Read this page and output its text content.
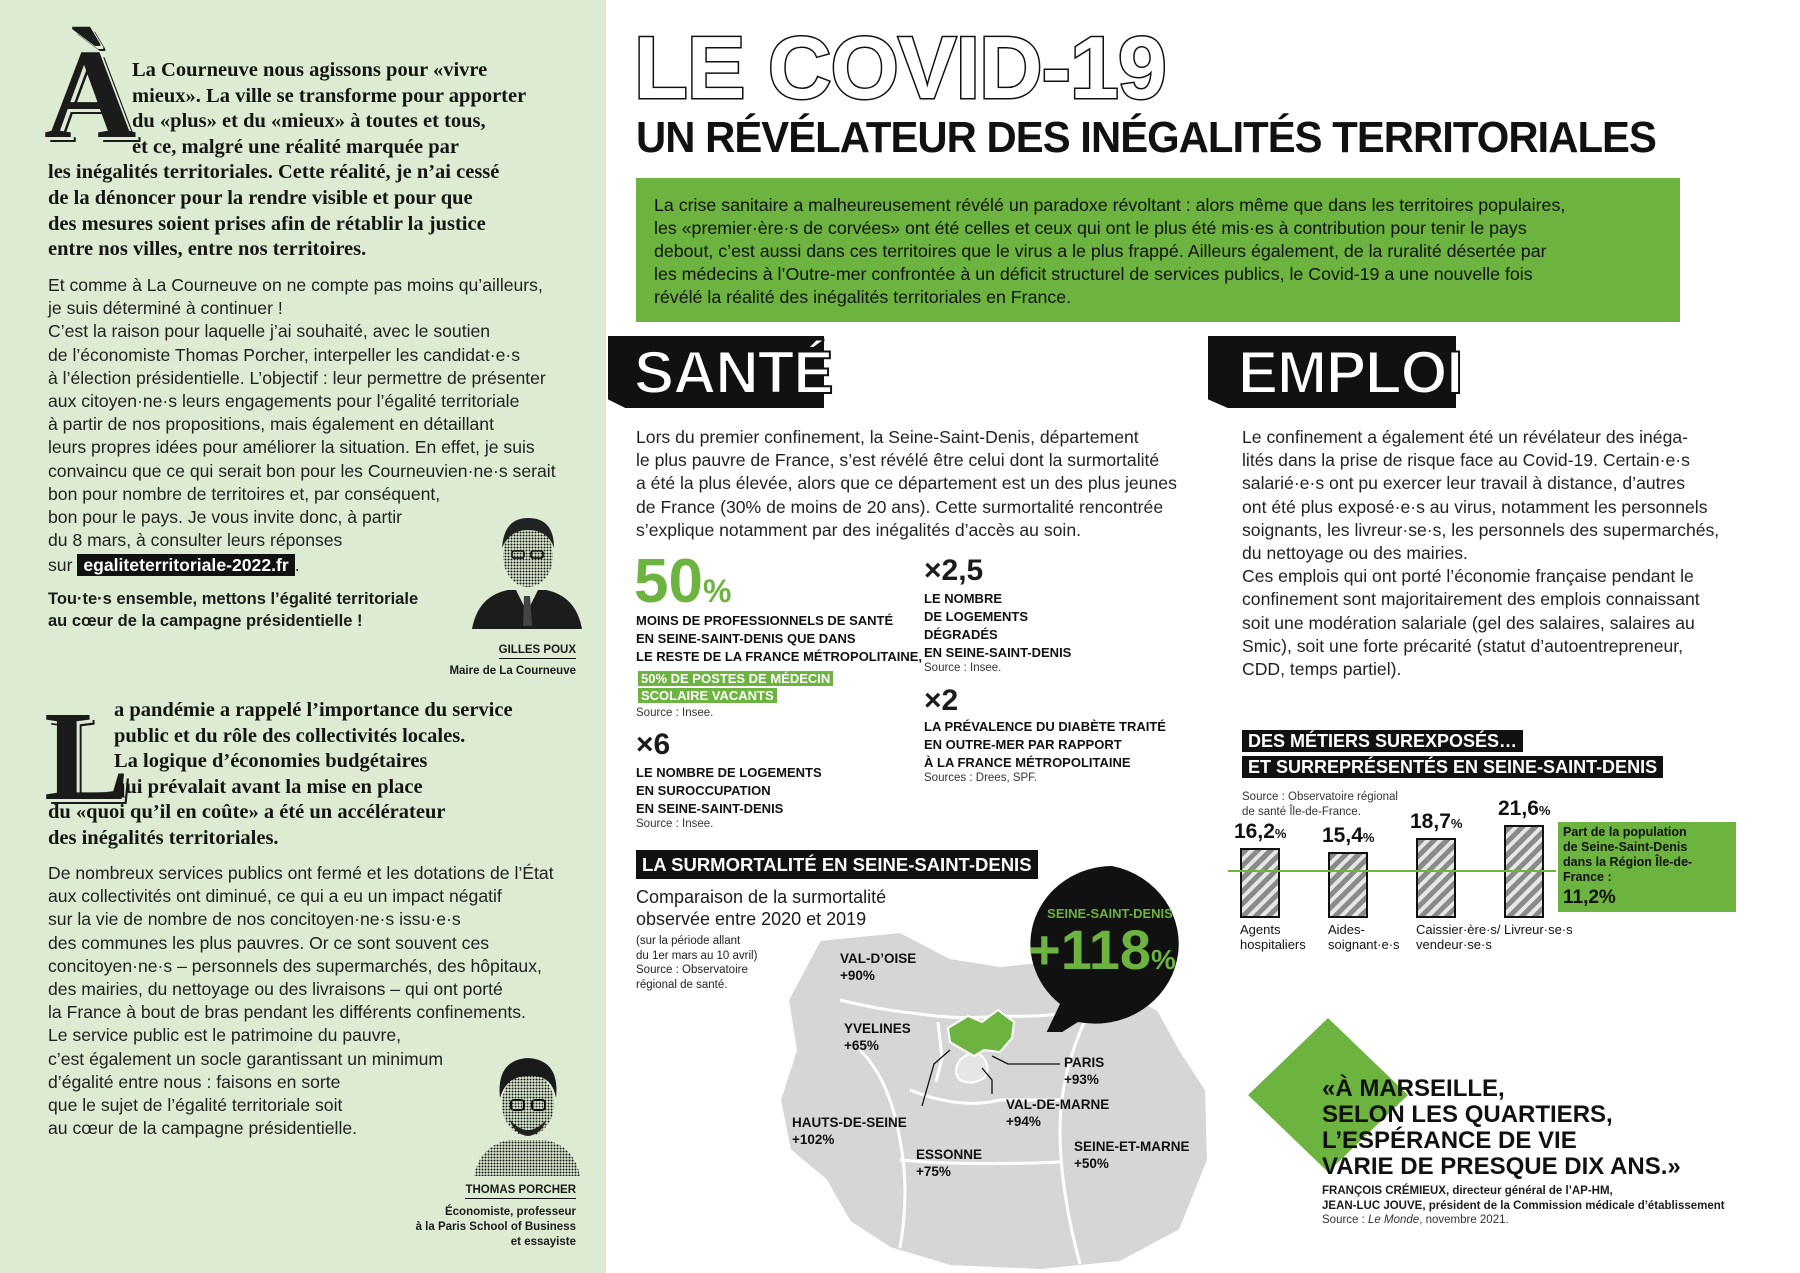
À
La Courneuve nous agissons pour «vivre
mieux». La ville se transforme pour apporter
du «plus» et du «mieux» à toutes et tous,
et ce, malgré une réalité marquée par
les inégalités territoriales. Cette réalité, je n’ai cessé
de la dénoncer pour la rendre visible et pour que
des mesures soient prises afin de rétablir la justice
entre nos villes, entre nos territoires.
Et comme à La Courneuve on ne compte pas moins qu’ailleurs,
je suis déterminé à continuer !
C’est la raison pour laquelle j’ai souhaité, avec le soutien
de l’économiste Thomas Porcher, interpeller les candidat·e·s
à l’élection présidentielle. L’objectif : leur permettre de présenter
aux citoyen·ne·s leurs engagements pour l’égalité territoriale
à partir de nos propositions, mais également en détaillant
leurs propres idées pour améliorer la situation. En effet, je suis
convaincu que ce qui serait bon pour les Courneuvien·ne·s serait
bon pour nombre de territoires et, par conséquent,
bon pour le pays. Je vous invite donc, à partir
du 8 mars, à consulter leurs réponses
sur egaliteterritoriale-2022.fr .
Tou·te·s ensemble, mettons l’égalité territoriale
au cœur de la campagne présidentielle !
GILLES POUX
Maire de La Courneuve
L
a pandémie a rappelé l’importance du service
public et du rôle des collectivités locales.
La logique d’économies budgétaires
qui prévalait avant la mise en place
du «quoi qu’il en coûte» a été un accélérateur
des inégalités territoriales.
De nombreux services publics ont fermé et les dotations de l’État
aux collectivités ont diminué, ce qui a eu un impact négatif
sur la vie de nombre de nos concitoyen·ne·s issu·e·s
des communes les plus pauvres. Or ce sont souvent ces
concitoyen·ne·s – personnels des supermarchés, des hôpitaux,
des mairies, du nettoyage ou des livraisons – qui ont porté
la France à bout de bras pendant les différents confinements.
Le service public est le patrimoine du pauvre,
c’est également un socle garantissant un minimum
d’égalité entre nous : faisons en sorte
que le sujet de l’égalité territoriale soit
au cœur de la campagne présidentielle.
THOMAS PORCHER
Économiste, professeur
à la Paris School of Business
et essayiste
LE COVID-19
UN RÉVÉLATEUR DES INÉGALITÉS TERRITORIALES
La crise sanitaire a malheureusement révélé un paradoxe révoltant : alors même que dans les territoires populaires,
les «premier·ère·s de corvées» ont été celles et ceux qui ont le plus été mis·es à contribution pour tenir le pays
debout, c’est aussi dans ces territoires que le virus a le plus frappé. Ailleurs également, de la ruralité désertée par
les médecins à l’Outre-mer confrontée à un déficit structurel de services publics, le Covid-19 a une nouvelle fois
révélé la réalité des inégalités territoriales en France.
SANTÉ
Lors du premier confinement, la Seine-Saint-Denis, département
le plus pauvre de France, s’est révélé être celui dont la surmortalité
a été la plus élevée, alors que ce département est un des plus jeunes
de France (30% de moins de 20 ans). Cette surmortalité rencontrée
s’explique notamment par des inégalités d’accès au soin.
50%
MOINS DE PROFESSIONNELS DE SANTÉ
EN SEINE-SAINT-DENIS QUE DANS
LE RESTE DE LA FRANCE MÉTROPOLITAINE,
50% DE POSTES DE MÉDECIN
SCOLAIRE VACANTS
Source : Insee.
×6
LE NOMBRE DE LOGEMENTS
EN SUROCCUPATION
EN SEINE-SAINT-DENIS
Source : Insee.
×2,5
LE NOMBRE
DE LOGEMENTS
DÉGRADÉS
EN SEINE-SAINT-DENIS
Source : Insee.
×2
LA PRÉVALENCE DU DIABÈTE TRAITÉ
EN OUTRE-MER PAR RAPPORT
À LA FRANCE MÉTROPOLITAINE
Sources : Drees, SPF.
LA SURMORTALITÉ EN SEINE-SAINT-DENIS
Comparaison de la surmortalité
observée entre 2020 et 2019
(sur la période allant
du 1er mars au 10 avril)
Source : Observatoire
régional de santé.
SEINE-SAINT-DENIS
+118%
VAL-D’OISE
+90%
YVELINES
+65%
HAUTS-DE-SEINE
+102%
ESSONNE
+75%
VAL-DE-MARNE
+94%
PARIS
+93%
SEINE-ET-MARNE
+50%
EMPLOI
Le confinement a également été un révélateur des inéga-
lités dans la prise de risque face au Covid-19. Certain·e·s
salarié·e·s ont pu exercer leur travail à distance, d’autres
ont été plus exposé·e·s au virus, notamment les personnels
soignants, les livreur·se·s, les personnels des supermarchés,
du nettoyage ou des mairies.
Ces emplois qui ont porté l’économie française pendant le
confinement sont majoritairement des emplois connaissant
soit une modération salariale (gel des salaires, salaires au
Smic), soit une forte précarité (statut d’autoentrepreneur,
CDD, temps partiel).
DES MÉTIERS SUREXPOSÉS…
ET SURREPRÉSENTÉS EN SEINE-SAINT-DENIS
Source : Observatoire régional
de santé Île-de-France.
16,2%
Agents
hospitaliers
15,4%
Aides-
soignant·e·s
18,7%
Caissier·ère·s/
vendeur·se·s
21,6%
Livreur·se·s
Part de la population
de Seine-Saint-Denis
dans la Région Île-de-France :
11,2%
«À MARSEILLE,
SELON LES QUARTIERS,
L’ESPÉRANCE DE VIE
VARIE DE PRESQUE DIX ANS.»
FRANÇOIS CRÉMIEUX, directeur général de l’AP-HM,
JEAN-LUC JOUVE, président de la Commission médicale d’établissement
Source : Le Monde, novembre 2021.
